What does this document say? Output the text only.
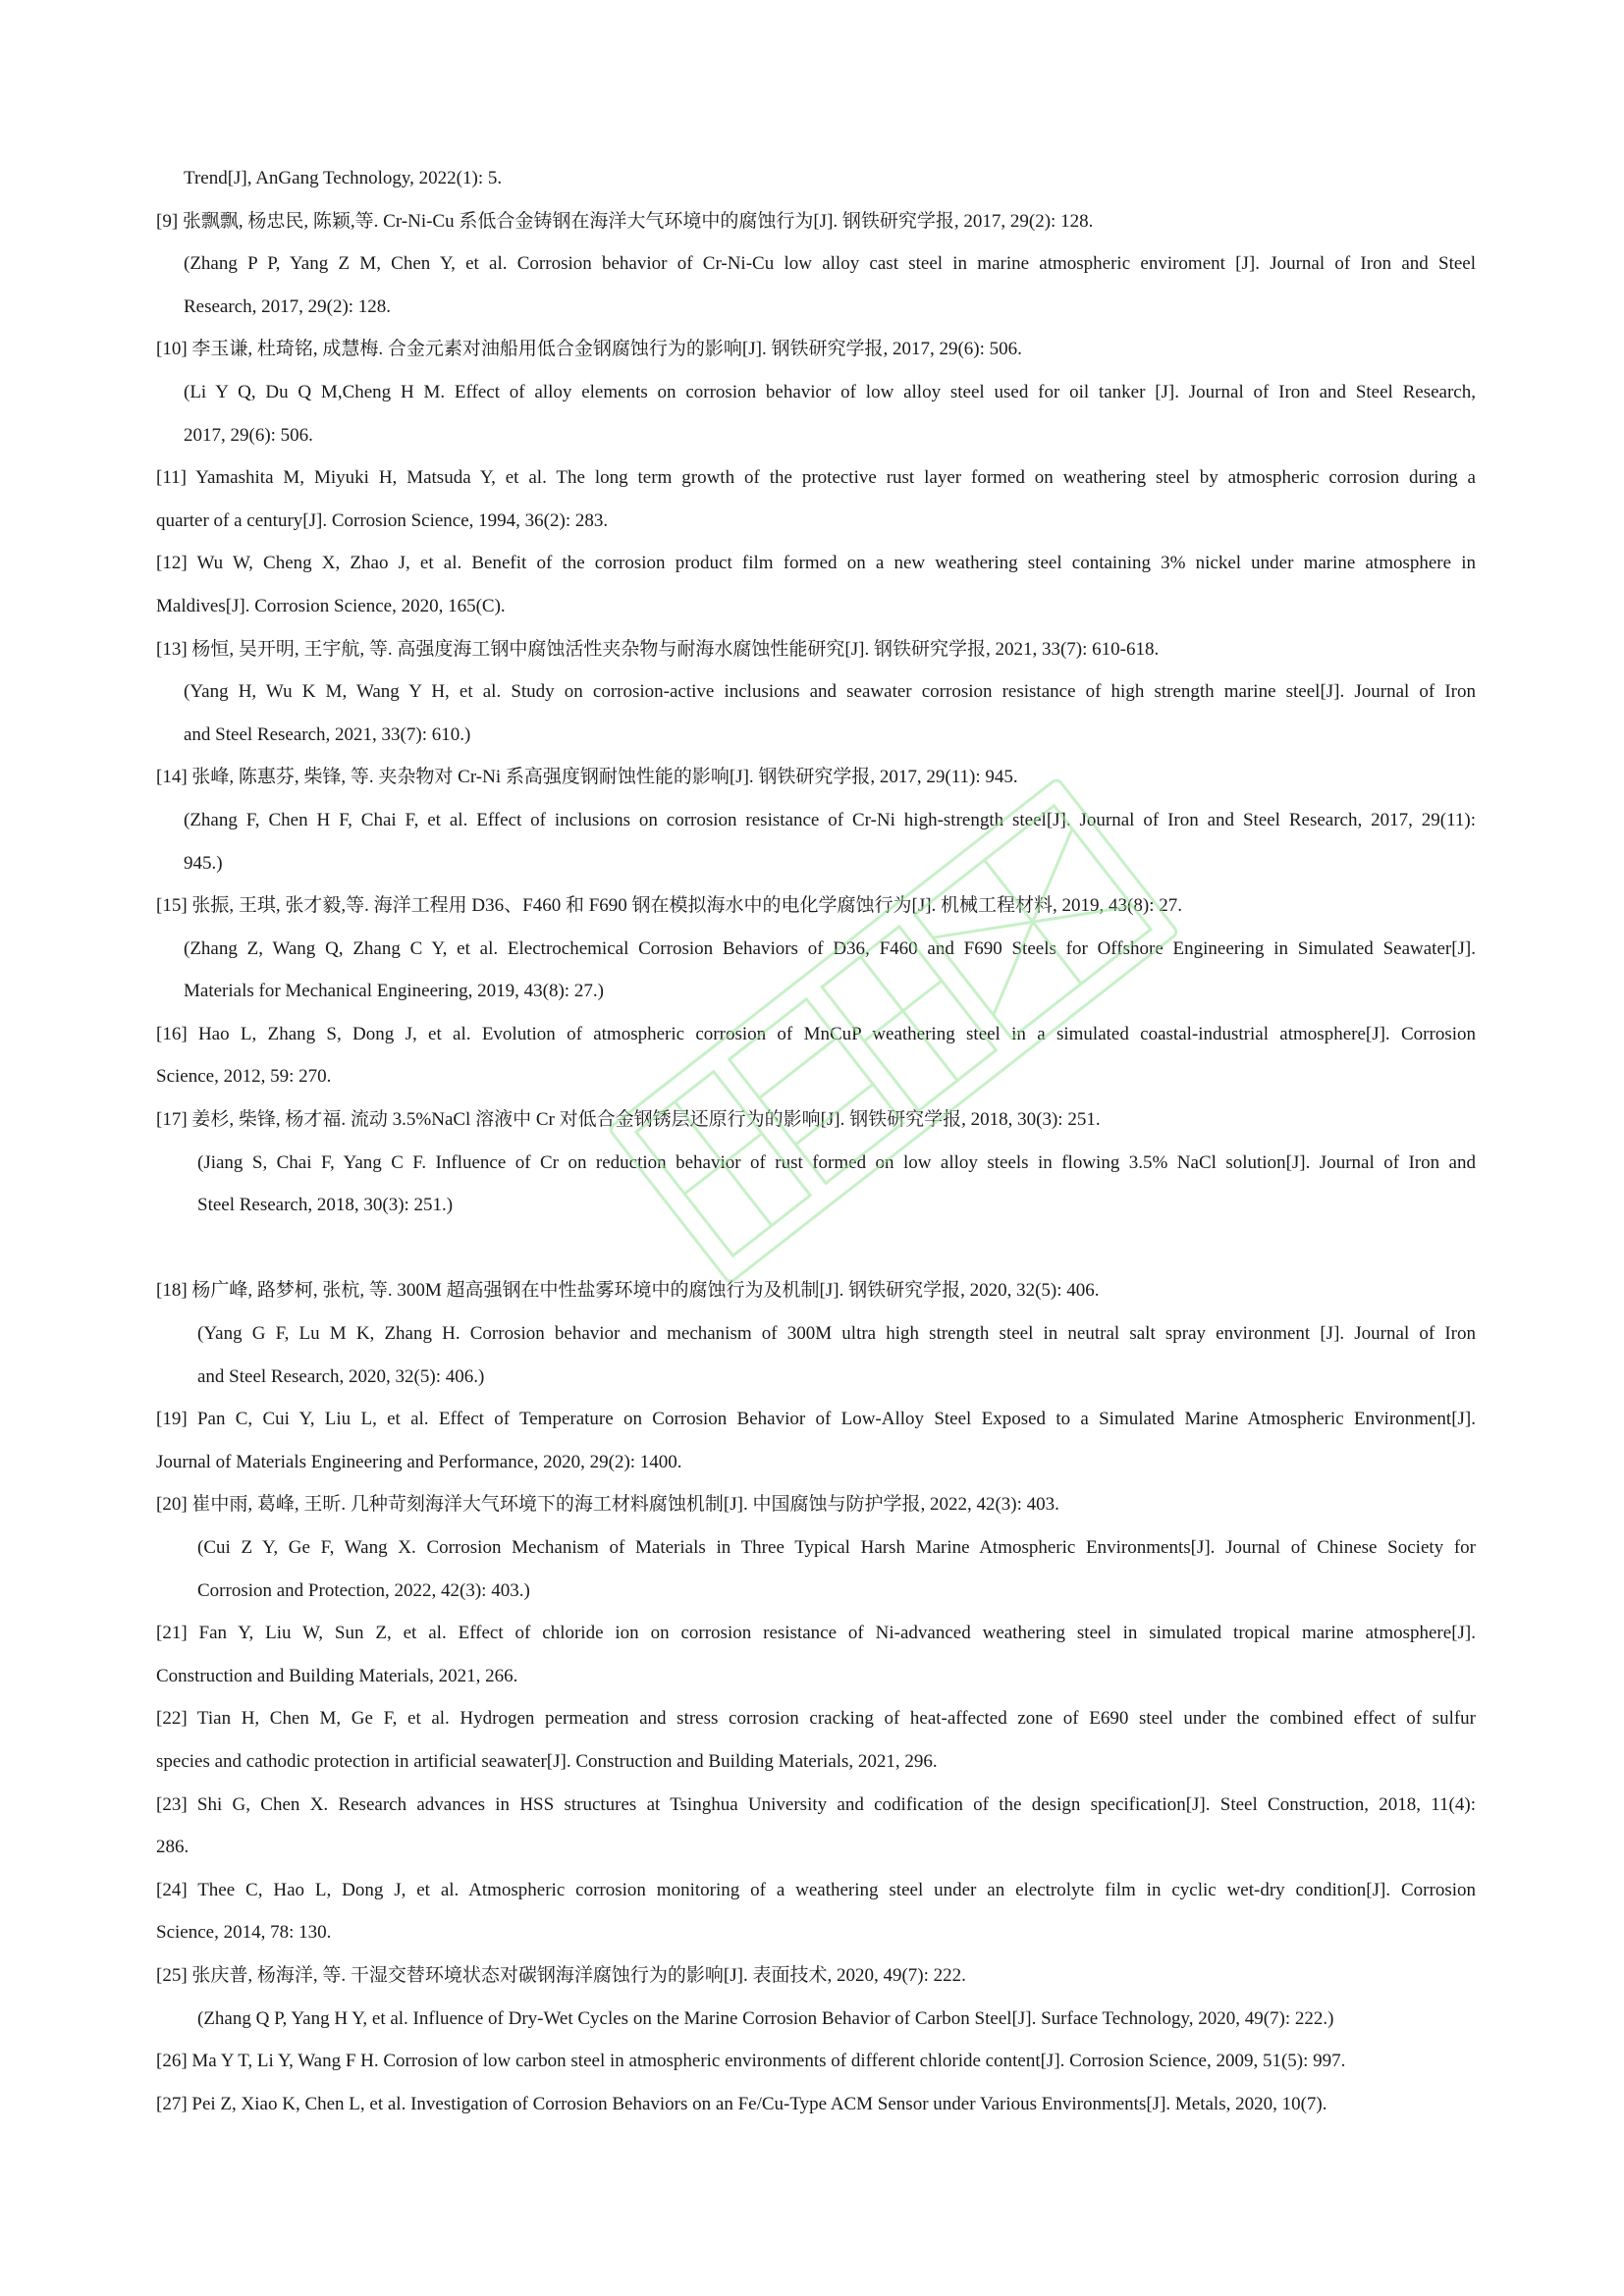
Trend[J], AnGang Technology, 2022(1): 5.
[9] 张飘飘, 杨忠民, 陈颖,等. Cr-Ni-Cu 系低合金铸钢在海洋大气环境中的腐蚀行为[J]. 钢铁研究学报, 2017, 29(2): 128.
(Zhang P P, Yang Z M, Chen Y, et al. Corrosion behavior of Cr-Ni-Cu low alloy cast steel in marine atmospheric enviroment [J]. Journal of Iron and Steel
Research, 2017, 29(2): 128.
[10] 李玉谦, 杜琦铭, 成慧梅. 合金元素对油船用低合金钢腐蚀行为的影响[J]. 钢铁研究学报, 2017, 29(6): 506.
(Li Y Q, Du Q M,Cheng H M. Effect of alloy elements on corrosion behavior of low alloy steel used for oil tanker [J]. Journal of Iron and Steel Research,
2017, 29(6): 506.
[11] Yamashita M, Miyuki H, Matsuda Y, et al. The long term growth of the protective rust layer formed on weathering steel by atmospheric corrosion during a
quarter of a century[J]. Corrosion Science, 1994, 36(2): 283.
[12] Wu W, Cheng X, Zhao J, et al. Benefit of the corrosion product film formed on a new weathering steel containing 3% nickel under marine atmosphere in
Maldives[J]. Corrosion Science, 2020, 165(C).
[13] 杨恒, 吴开明, 王宇航, 等. 高强度海工钢中腐蚀活性夹杂物与耐海水腐蚀性能研究[J]. 钢铁研究学报, 2021, 33(7): 610-618.
(Yang H, Wu K M, Wang Y H, et al. Study on corrosion-active inclusions and seawater corrosion resistance of high strength marine steel[J]. Journal of Iron
and Steel Research, 2021, 33(7): 610.)
[14] 张峰, 陈惠芬, 柴锋, 等. 夹杂物对 Cr-Ni 系高强度钢耐蚀性能的影响[J]. 钢铁研究学报, 2017, 29(11): 945.
(Zhang F, Chen H F, Chai F, et al. Effect of inclusions on corrosion resistance of Cr-Ni high-strength steel[J]. Journal of Iron and Steel Research, 2017, 29(11):
945.)
[15] 张振, 王琪, 张才毅,等. 海洋工程用 D36、F460 和 F690 钢在模拟海水中的电化学腐蚀行为[J]. 机械工程材料, 2019, 43(8): 27.
(Zhang Z, Wang Q, Zhang C Y, et al. Electrochemical Corrosion Behaviors of D36, F460 and F690 Steels for Offshore Engineering in Simulated Seawater[J].
Materials for Mechanical Engineering, 2019, 43(8): 27.)
[16] Hao L, Zhang S, Dong J, et al. Evolution of atmospheric corrosion of MnCuP weathering steel in a simulated coastal-industrial atmosphere[J]. Corrosion
Science, 2012, 59: 270.
[17] 姜杉, 柴锋, 杨才福. 流动 3.5%NaCl 溶液中 Cr 对低合金钢锈层还原行为的影响[J]. 钢铁研究学报, 2018, 30(3): 251.
(Jiang S, Chai F, Yang C F. Influence of Cr on reduction behavior of rust formed on low alloy steels in flowing 3.5% NaCl solution[J]. Journal of Iron and
Steel Research, 2018, 30(3): 251.)
[18] 杨广峰, 路梦柯, 张杭, 等. 300M 超高强钢在中性盐雾环境中的腐蚀行为及机制[J]. 钢铁研究学报, 2020, 32(5): 406.
(Yang G F, Lu M K, Zhang H. Corrosion behavior and mechanism of 300M ultra high strength steel in neutral salt spray environment [J]. Journal of Iron
and Steel Research, 2020, 32(5): 406.)
[19] Pan C, Cui Y, Liu L, et al. Effect of Temperature on Corrosion Behavior of Low-Alloy Steel Exposed to a Simulated Marine Atmospheric Environment[J].
Journal of Materials Engineering and Performance, 2020, 29(2): 1400.
[20] 崔中雨, 葛峰, 王昕. 几种苛刻海洋大气环境下的海工材料腐蚀机制[J]. 中国腐蚀与防护学报, 2022, 42(3): 403.
(Cui Z Y, Ge F, Wang X. Corrosion Mechanism of Materials in Three Typical Harsh Marine Atmospheric Environments[J]. Journal of Chinese Society for
Corrosion and Protection, 2022, 42(3): 403.)
[21] Fan Y, Liu W, Sun Z, et al. Effect of chloride ion on corrosion resistance of Ni-advanced weathering steel in simulated tropical marine atmosphere[J].
Construction and Building Materials, 2021, 266.
[22] Tian H, Chen M, Ge F, et al. Hydrogen permeation and stress corrosion cracking of heat-affected zone of E690 steel under the combined effect of sulfur
species and cathodic protection in artificial seawater[J]. Construction and Building Materials, 2021, 296.
[23] Shi G, Chen X. Research advances in HSS structures at Tsinghua University and codification of the design specification[J]. Steel Construction, 2018, 11(4):
286.
[24] Thee C, Hao L, Dong J, et al. Atmospheric corrosion monitoring of a weathering steel under an electrolyte film in cyclic wet-dry condition[J]. Corrosion
Science, 2014, 78: 130.
[25] 张庆普, 杨海洋, 等. 干湿交替环境状态对碳钢海洋腐蚀行为的影响[J]. 表面技术, 2020, 49(7): 222.
(Zhang Q P, Yang H Y, et al. Influence of Dry-Wet Cycles on the Marine Corrosion Behavior of Carbon Steel[J]. Surface Technology, 2020, 49(7): 222.)
[26] Ma Y T, Li Y, Wang F H. Corrosion of low carbon steel in atmospheric environments of different chloride content[J]. Corrosion Science, 2009, 51(5): 997.
[27] Pei Z, Xiao K, Chen L, et al. Investigation of Corrosion Behaviors on an Fe/Cu-Type ACM Sensor under Various Environments[J]. Metals, 2020, 10(7).
